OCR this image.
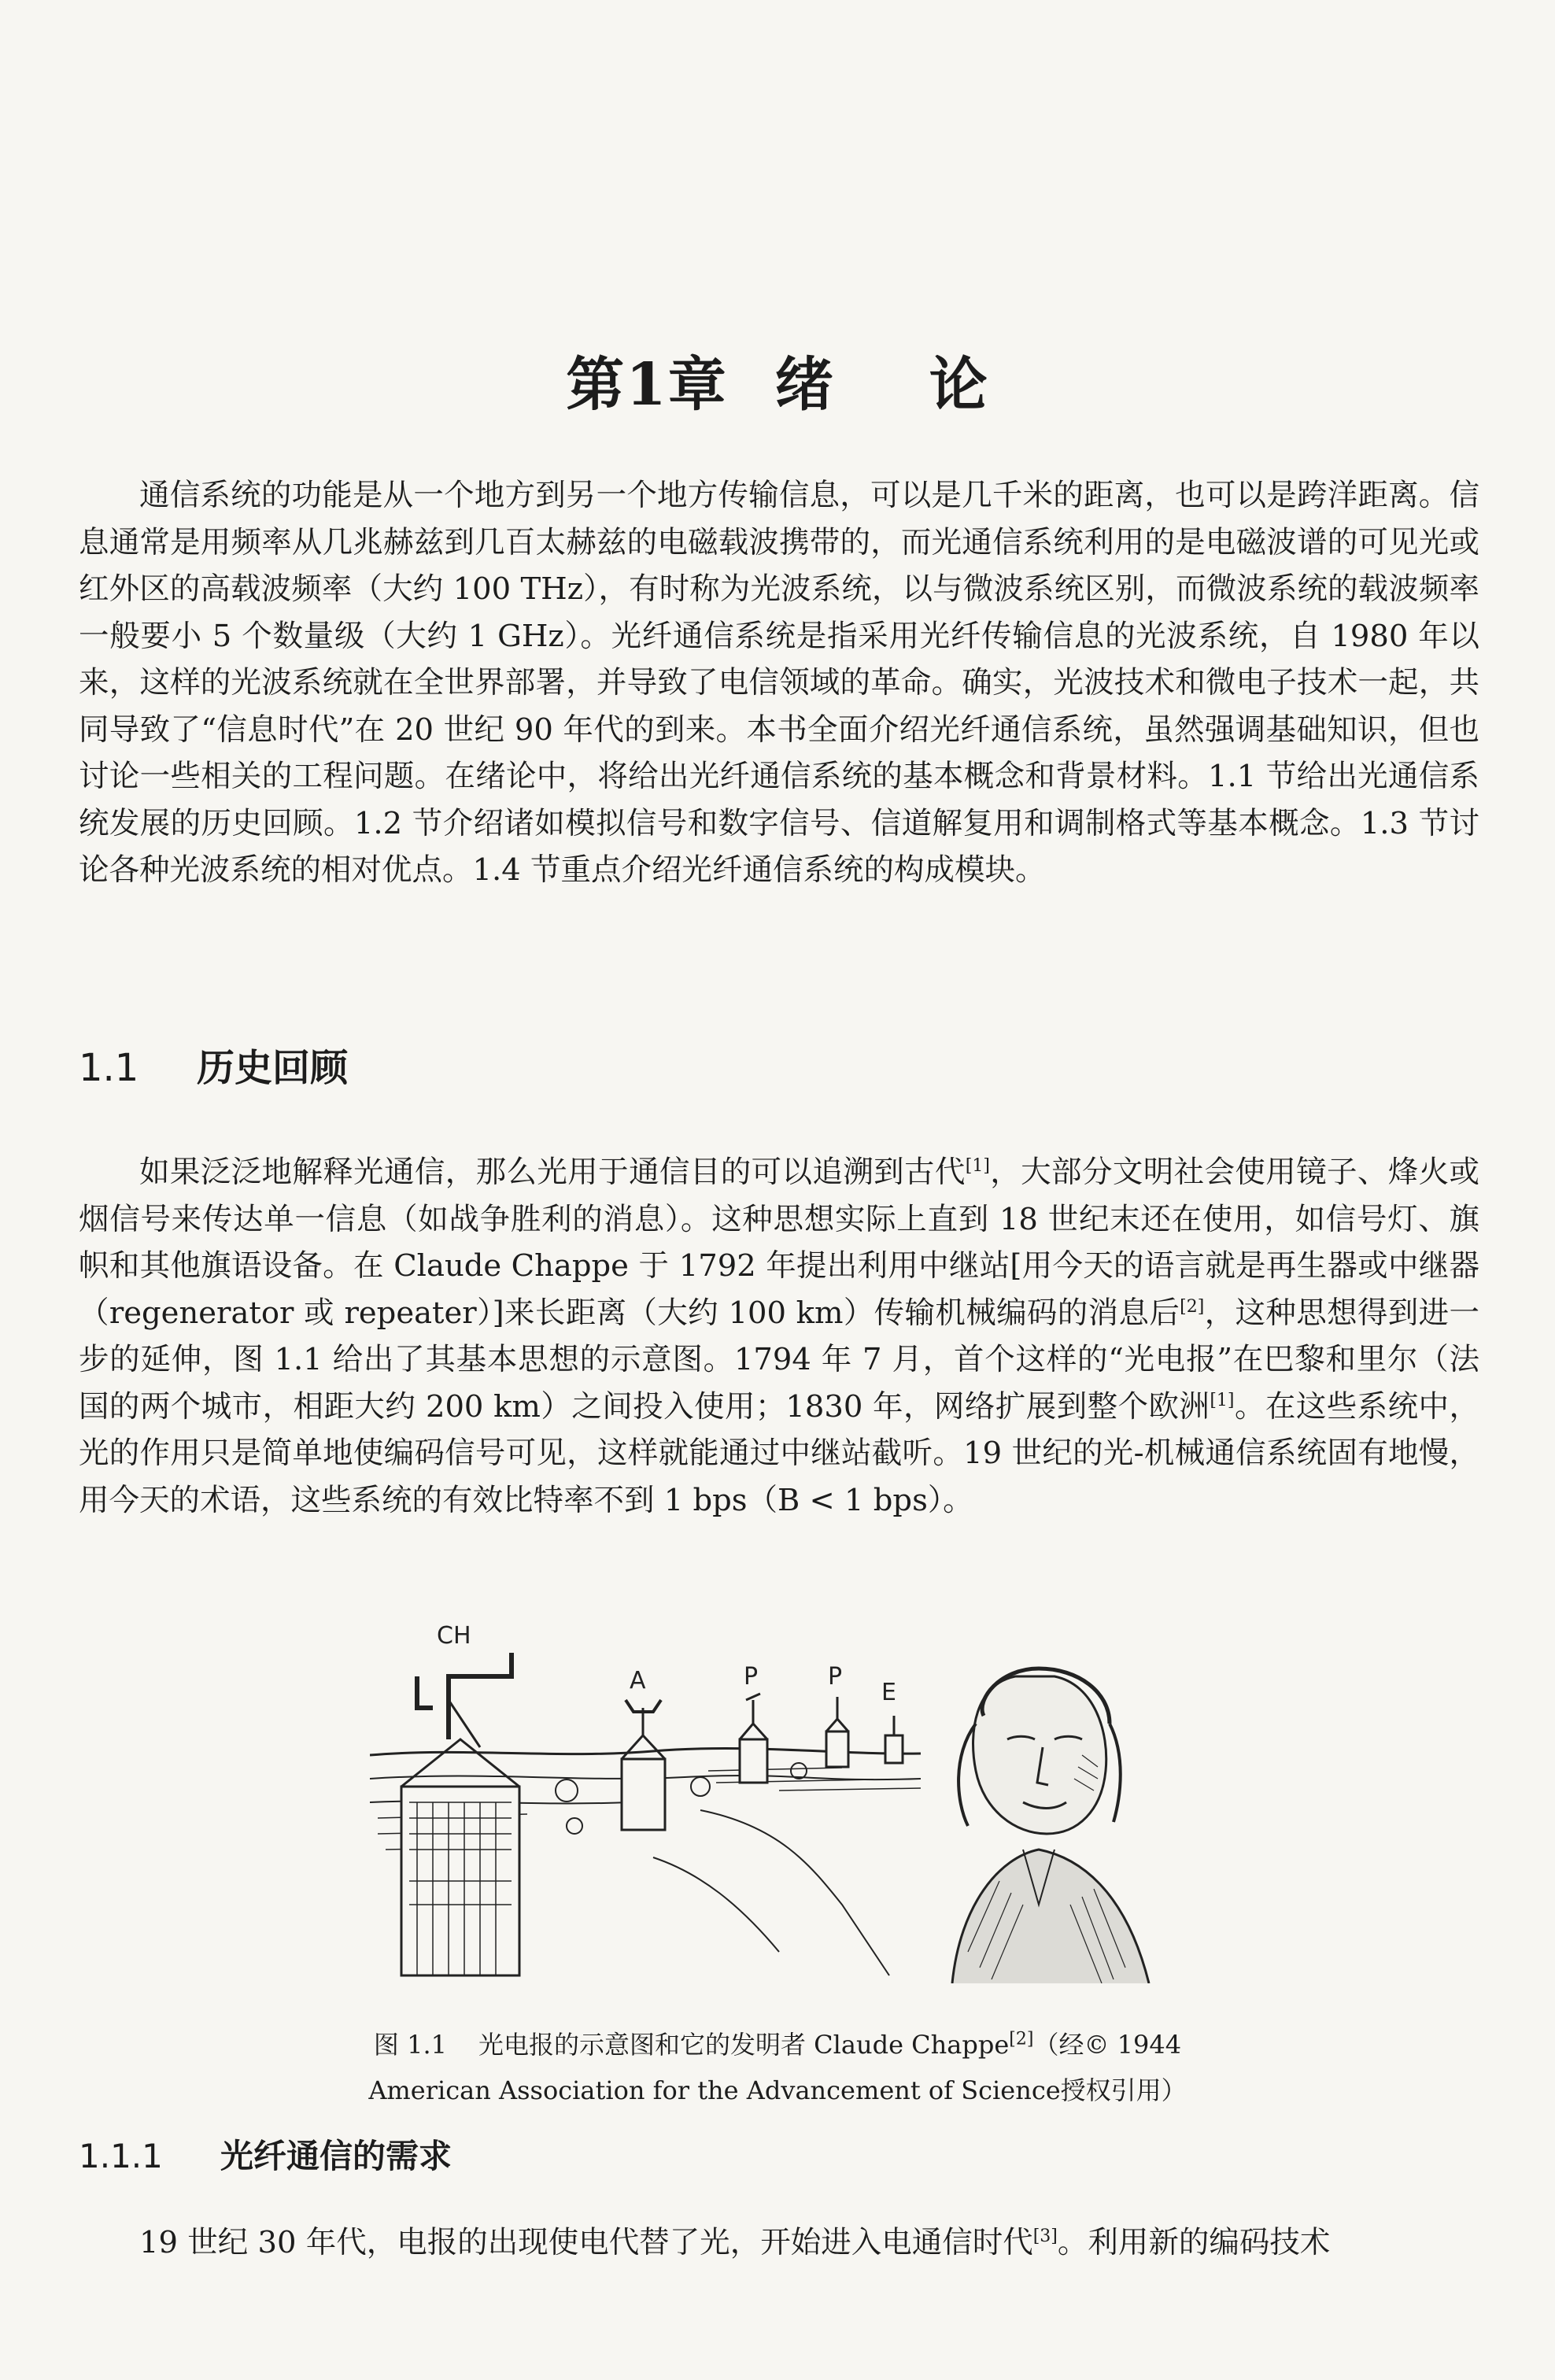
第1章 绪 论

通信系统的功能是从一个地方到另一个地方传输信息，可以是几千米的距离，也可以是跨洋距离。信息通常是用频率从几兆赫兹到几百太赫兹的电磁载波携带的，而光通信系统利用的是电磁波谱的可见光或红外区的高载波频率（大约 100 THz），有时称为光波系统，以与微波系统区别，而微波系统的载波频率一般要小 5 个数量级（大约 1 GHz）。光纤通信系统是指采用光纤传输信息的光波系统，自 1980 年以来，这样的光波系统就在全世界部署，并导致了电信领域的革命。确实，光波技术和微电子技术一起，共同导致了“信息时代”在 20 世纪 90 年代的到来。本书全面介绍光纤通信系统，虽然强调基础知识，但也讨论一些相关的工程问题。在绪论中，将给出光纤通信系统的基本概念和背景材料。1.1 节给出光通信系统发展的历史回顾。1.2 节介绍诸如模拟信号和数字信号、信道解复用和调制格式等基本概念。1.3 节讨论各种光波系统的相对优点。1.4 节重点介绍光纤通信系统的构成模块。

1.1 历史回顾

如果泛泛地解释光通信，那么光用于通信目的可以追溯到古代[1]，大部分文明社会使用镜子、烽火或烟信号来传达单一信息（如战争胜利的消息）。这种思想实际上直到 18 世纪末还在使用，如信号灯、旗帜和其他旗语设备。在 Claude Chappe 于 1792 年提出利用中继站[用今天的语言就是再生器或中继器（regenerator 或 repeater）]来长距离（大约 100 km）传输机械编码的消息后[2]，这种思想得到进一步的延伸，图 1.1 给出了其基本思想的示意图。1794 年 7 月，首个这样的“光电报”在巴黎和里尔（法国的两个城市，相距大约 200 km）之间投入使用；1830 年，网络扩展到整个欧洲[1]。在这些系统中，光的作用只是简单地使编码信号可见，这样就能通过中继站截听。19 世纪的光-机械通信系统固有地慢，用今天的术语，这些系统的有效比特率不到 1 bps（B < 1 bps）。

CH
A	P	P
E
图 1.1 光电报的示意图和它的发明者 Claude Chappe[2]（经© 1944
American Association for the Advancement of Science授权引用）
1.1.1 光纤通信的需求

19 世纪 30 年代，电报的出现使电代替了光，开始进入电通信时代[3]。利用新的编码技术
